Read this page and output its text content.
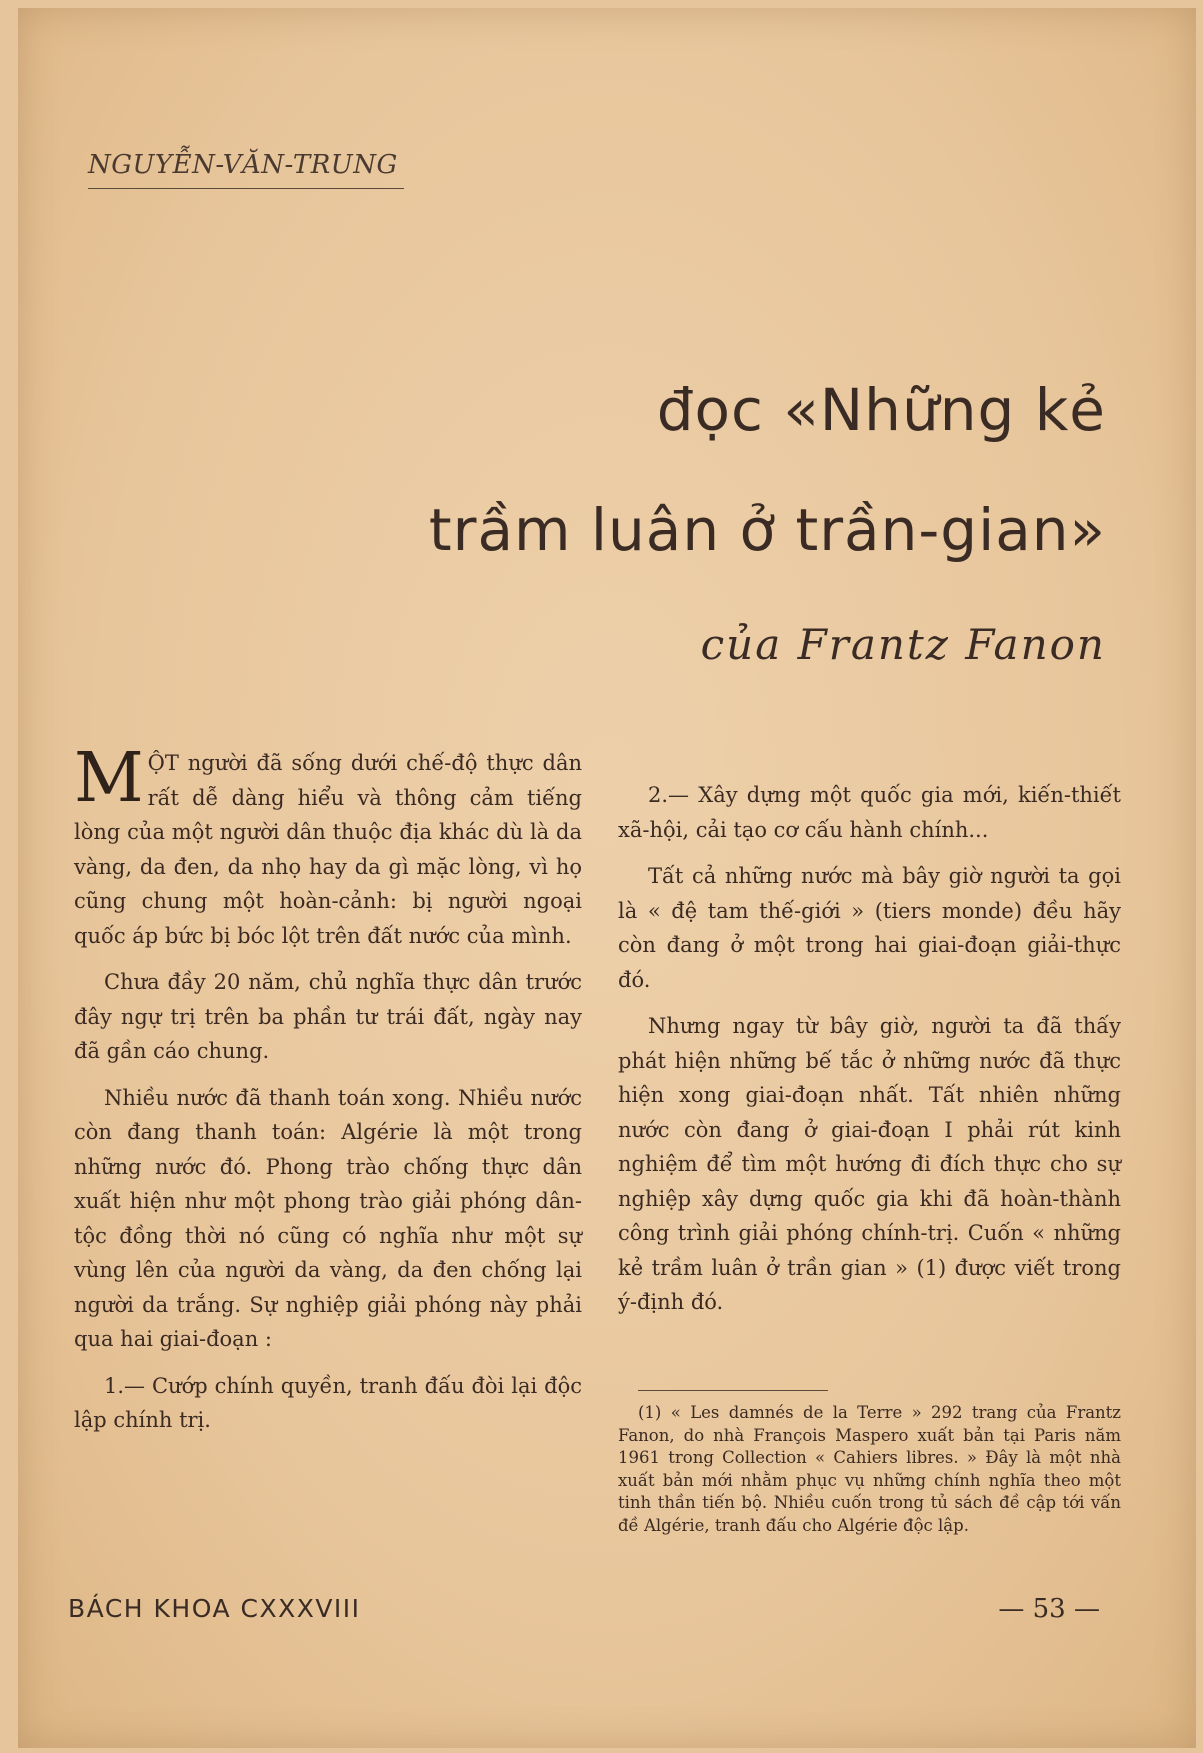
NGUYỄN-VĂN-TRUNG
đọc «Những kẻ
trầm luân ở trần-gian»
của Frantz Fanon

MỘT người đã sống dưới chế-độ thực dân rất dễ dàng hiểu và thông cảm tiếng lòng của một người dân thuộc địa khác dù là da vàng, da đen, da nhọ hay da gì mặc lòng, vì họ cũng chung một hoàn-cảnh: bị người ngoại quốc áp bức bị bóc lột trên đất nước của mình.

Chưa đầy 20 năm, chủ nghĩa thực dân trước đây ngự trị trên ba phần tư trái đất, ngày nay đã gần cáo chung.

Nhiều nước đã thanh toán xong. Nhiều nước còn đang thanh toán: Algérie là một trong những nước đó. Phong trào chống thực dân xuất hiện như một phong trào giải phóng dân-tộc đồng thời nó cũng có nghĩa như một sự vùng lên của người da vàng, da đen chống lại người da trắng. Sự nghiệp giải phóng này phải qua hai giai-đoạn :

1.— Cướp chính quyền, tranh đấu đòi lại độc lập chính trị.

2.— Xây dựng một quốc gia mới, kiến-thiết xã-hội, cải tạo cơ cấu hành chính...

Tất cả những nước mà bây giờ người ta gọi là « đệ tam thế-giới » (tiers monde) đều hãy còn đang ở một trong hai giai-đoạn giải-thực đó.

Nhưng ngay từ bây giờ, người ta đã thấy phát hiện những bế tắc ở những nước đã thực hiện xong giai-đoạn nhất. Tất nhiên những nước còn đang ở giai-đoạn I phải rút kinh nghiệm để tìm một hướng đi đích thực cho sự nghiệp xây dựng quốc gia khi đã hoàn-thành công trình giải phóng chính-trị. Cuốn « những kẻ trầm luân ở trần gian » (1) được viết trong ý-định đó.

(1) « Les damnés de la Terre » 292 trang của Frantz Fanon, do nhà François Maspero xuất bản tại Paris năm 1961 trong Collection « Cahiers libres. » Đây là một nhà xuất bản mới nhằm phục vụ những chính nghĩa theo một tinh thần tiến bộ. Nhiều cuốn trong tủ sách đề cập tới vấn đề Algérie, tranh đấu cho Algérie độc lập.
BÁCH KHOA CXXXVIII	— 53 —
